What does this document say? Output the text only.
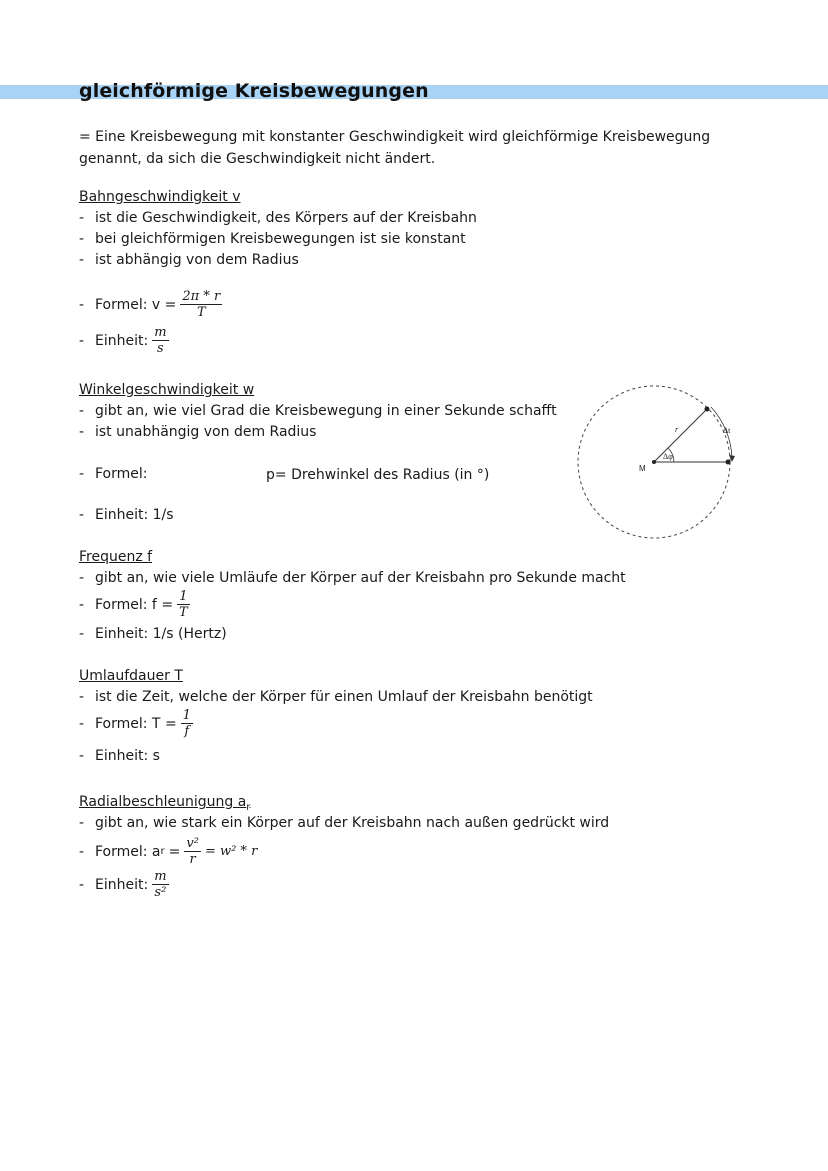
gleichförmige Kreisbewegungen
= Eine Kreisbewegung mit konstanter Geschwindigkeit wird gleichförmige Kreisbewegung genannt, da sich die Geschwindigkeit nicht ändert.
Bahngeschwindigkeit v
- ist die Geschwindigkeit, des Körpers auf der Kreisbahn
- bei gleichförmigen Kreisbewegungen ist sie konstant
- ist abhängig von dem Radius
- Formel: $v = \frac{2\pi * r}{T}$
- Einheit: $\frac{m}{s}$
Winkelgeschwindigkeit w
- gibt an, wie viel Grad die Kreisbewegung in einer Sekunde schafft
- ist unabhängig von dem Radius
- Formel:	p= Drehwinkel des Radius (in °)
- Einheit: 1/s
M
r
Δφ
Δt
Frequenz f
- gibt an, wie viele Umläufe der Körper auf der Kreisbahn pro Sekunde macht
- Formel: $f = \frac{1}{T}$
- Einheit: 1/s (Hertz)
Umlaufdauer T
- ist die Zeit, welche der Körper für einen Umlauf der Kreisbahn benötigt
- Formel: $T = \frac{1}{f}$
- Einheit: s
Radialbeschleunigung $a_r$
- gibt an, wie stark ein Körper auf der Kreisbahn nach außen gedrückt wird
- Formel: a $r = \frac{\text{v²}}{r} = w^2 * r$
- Einheit: $\frac{m}{\text{s²}}$
